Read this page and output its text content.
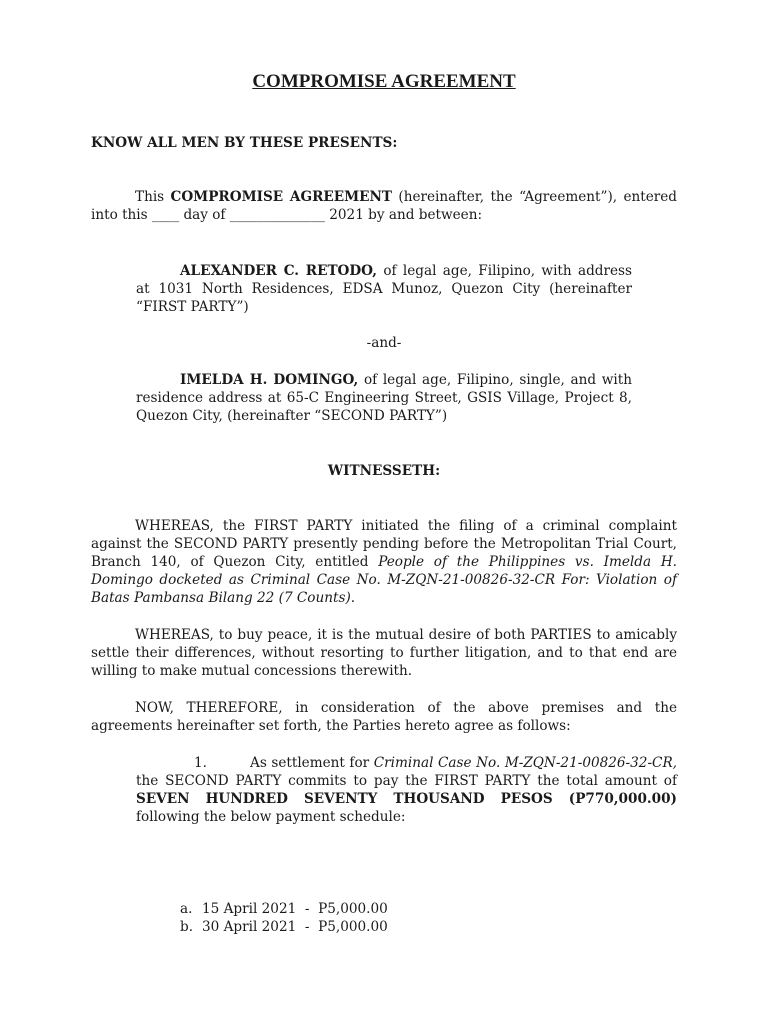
COMPROMISE AGREEMENT
KNOW ALL MEN BY THESE PRESENTS:
This COMPROMISE AGREEMENT (hereinafter, the “Agreement”), entered into this ____ day of ______________ 2021 by and between:
ALEXANDER C. RETODO, of legal age, Filipino, with address at 1031 North Residences, EDSA Munoz, Quezon City (hereinafter “FIRST PARTY”)
-and-
IMELDA H. DOMINGO, of legal age, Filipino, single, and with residence address at 65-C Engineering Street, GSIS Village, Project 8, Quezon City, (hereinafter “SECOND PARTY”)
WITNESSETH:
WHEREAS, the FIRST PARTY initiated the filing of a criminal complaint against the SECOND PARTY presently pending before the Metropolitan Trial Court, Branch 140, of Quezon City, entitled People of the Philippines vs. Imelda H. Domingo docketed as Criminal Case No. M-ZQN-21-00826-32-CR For: Violation of Batas Pambansa Bilang 22 (7 Counts).
WHEREAS, to buy peace, it is the mutual desire of both PARTIES to amicably settle their differences, without resorting to further litigation, and to that end are willing to make mutual concessions therewith.
NOW, THEREFORE, in consideration of the above premises and the agreements hereinafter set forth, the Parties hereto agree as follows:
1.	As settlement for Criminal Case No. M-ZQN-21-00826-32-CR, the SECOND PARTY commits to pay the FIRST PARTY the total amount of SEVEN HUNDRED SEVENTY THOUSAND PESOS (P770,000.00) following the below payment schedule:
a. 15 April 2021  -  P5,000.00
b. 30 April 2021  -  P5,000.00
